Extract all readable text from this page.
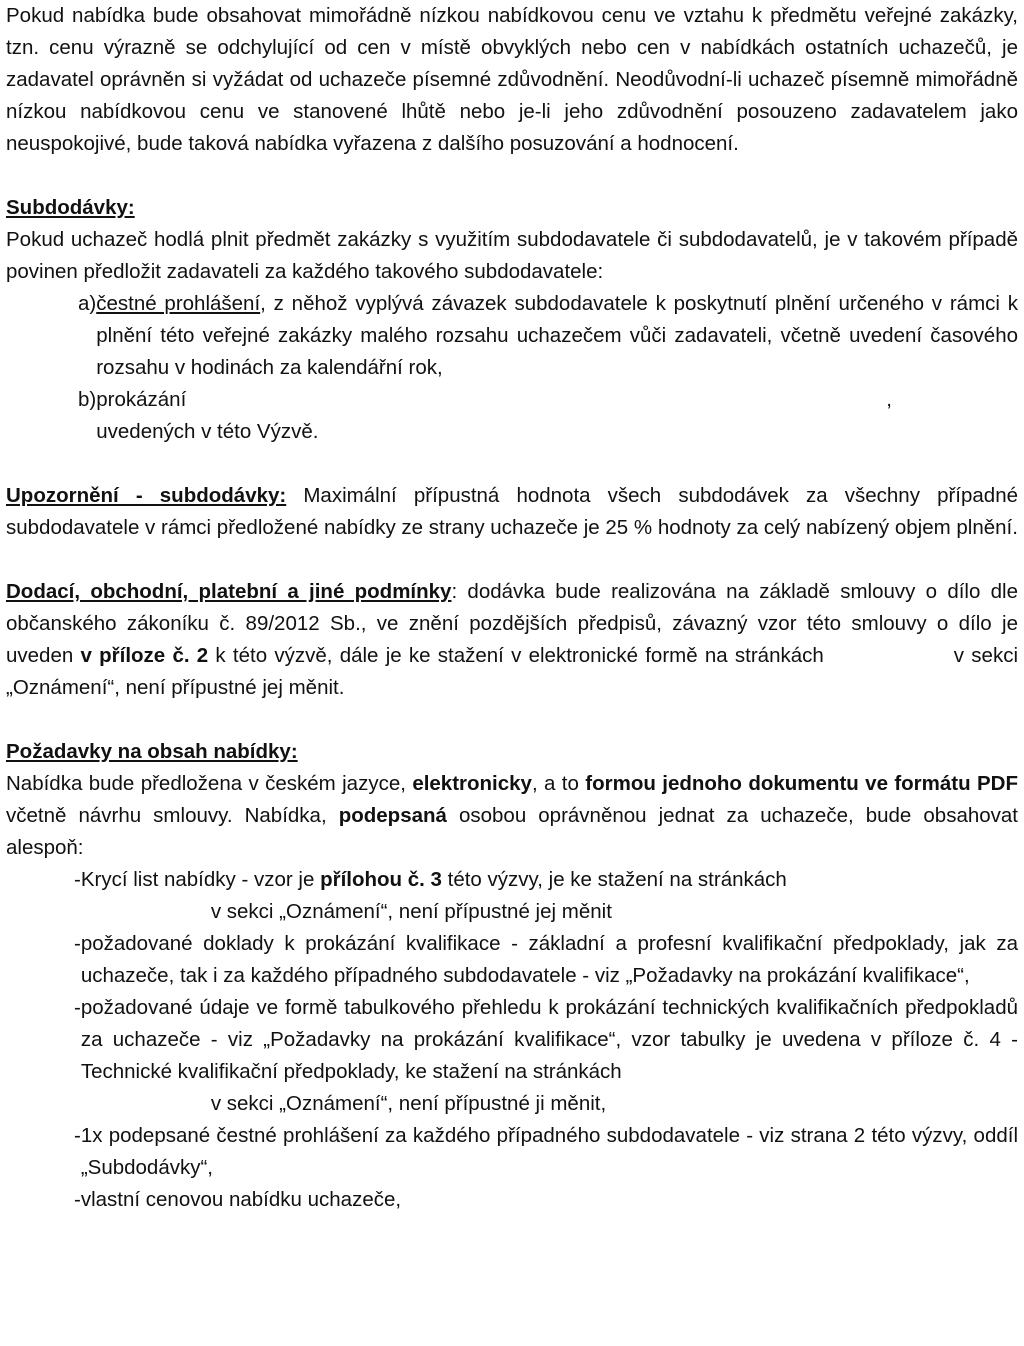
Pokud nabídka bude obsahovat mimořádně nízkou nabídkovou cenu ve vztahu k předmětu veřejné zakázky, tzn. cenu výrazně se odchylující od cen v místě obvyklých nebo cen v nabídkách ostatních uchazečů, je zadavatel oprávněn si vyžádat od uchazeče písemné zdůvodnění. Neodůvodní-li uchazeč písemně mimořádně nízkou nabídkovou cenu ve stanovené lhůtě nebo je-li jeho zdůvodnění posouzeno zadavatelem jako neuspokojivé, bude taková nabídka vyřazena z dalšího posuzování a hodnocení.

Subdodávky:

Pokud uchazeč hodlá plnit předmět zakázky s využitím subdodavatele či subdodavatelů, je v takovém případě povinen předložit zadavateli za každého takového subdodavatele:

a) čestné prohlášení, z něhož vyplývá závazek subdodavatele k poskytnutí plnění určeného v rámci k plnění této veřejné zakázky malého rozsahu uchazečem vůči zadavateli, včetně uvedení časového rozsahu v hodinách za kalendářní rok,
b) prokázání	,
uvedených v této Výzvě.

Upozornění - subdodávky: Maximální přípustná hodnota všech subdodávek za všechny případné subdodavatele v rámci předložené nabídky ze strany uchazeče je 25 % hodnoty za celý nabízený objem plnění.

Dodací, obchodní, platební a jiné podmínky: dodávka bude realizována na základě smlouvy o dílo dle občanského zákoníku č. 89/2012 Sb., ve znění pozdějších předpisů, závazný vzor této smlouvy o dílo je uveden v příloze č. 2 k této výzvě, dále je ke stažení v elektronické formě na stránkách	v sekci „Oznámení“, není přípustné jej měnit.

Požadavky na obsah nabídky:

Nabídka bude předložena v českém jazyce, elektronicky, a to formou jednoho dokumentu ve formátu PDF včetně návrhu smlouvy. Nabídka, podepsaná osobou oprávněnou jednat za uchazeče, bude obsahovat alespoň:

- Krycí list nabídky - vzor je přílohou č. 3 této výzvy, je ke stažení na stránkách
v sekci „Oznámení“, není přípustné jej měnit
- požadované doklady k prokázání kvalifikace - základní a profesní kvalifikační předpoklady, jak za uchazeče, tak i za každého případného subdodavatele - viz „Požadavky na prokázání kvalifikace“,
- požadované údaje ve formě tabulkového přehledu k prokázání technických kvalifikačních předpokladů za uchazeče - viz „Požadavky na prokázání kvalifikace“, vzor tabulky je uvedena v příloze č. 4 - Technické kvalifikační předpoklady, ke stažení na stránkách
v sekci „Oznámení“, není přípustné ji měnit,
- 1x podepsané čestné prohlášení za každého případného subdodavatele - viz strana 2 této výzvy, oddíl „Subdodávky“,
- vlastní cenovou nabídku uchazeče,
